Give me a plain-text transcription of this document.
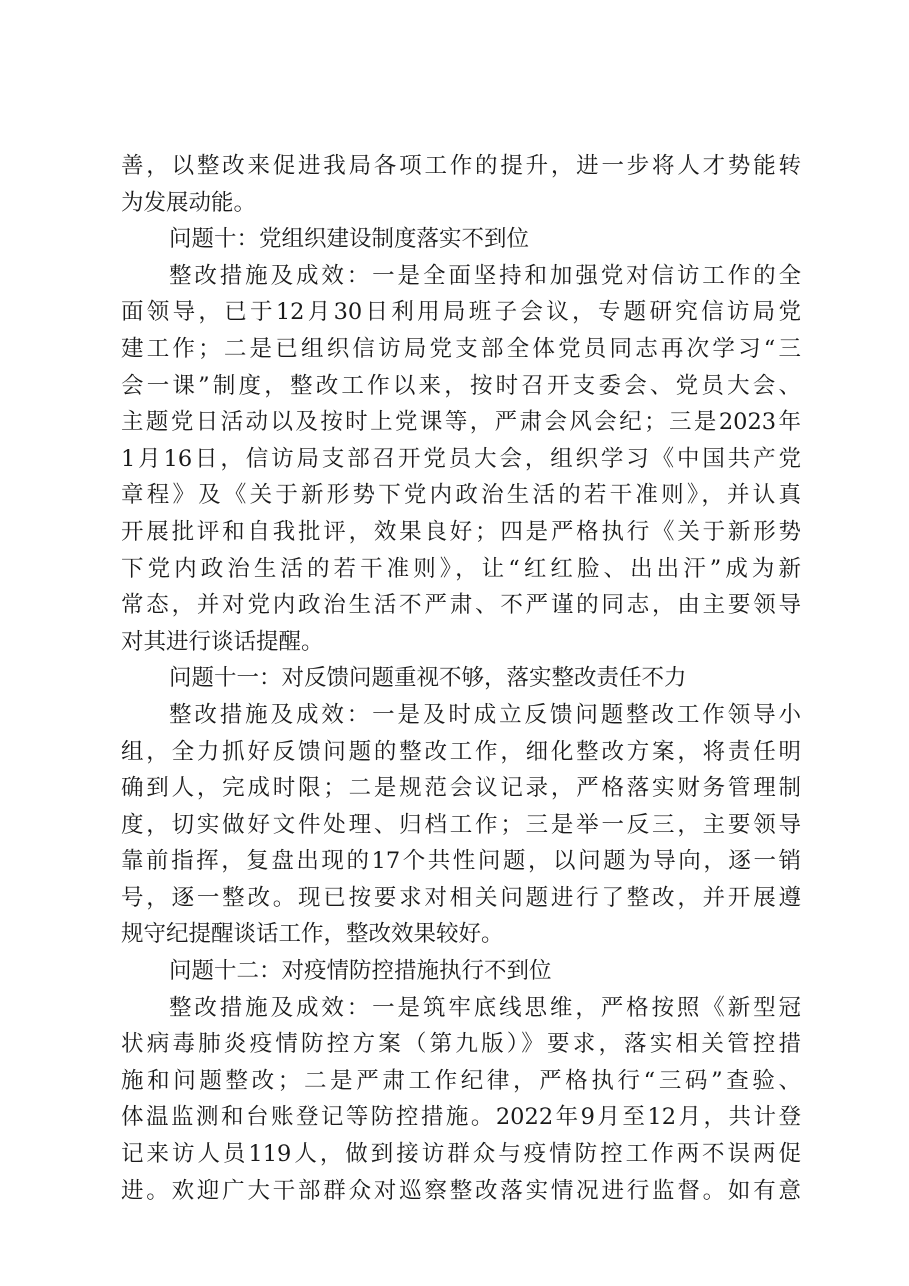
善，以整改来促进我局各项工作的提升，进一步将人才势能转
为发展动能。
问题十：党组织建设制度落实不到位
整改措施及成效：一是全面坚持和加强党对信访工作的全
面领导，已于12月30日利用局班子会议，专题研究信访局党
建工作；二是已组织信访局党支部全体党员同志再次学习“三
会一课”制度，整改工作以来，按时召开支委会、党员大会、
主题党日活动以及按时上党课等，严肃会风会纪；三是2023年
1月16日，信访局支部召开党员大会，组织学习《中国共产党
章程》及《关于新形势下党内政治生活的若干准则》，并认真
开展批评和自我批评，效果良好；四是严格执行《关于新形势
下党内政治生活的若干准则》，让“红红脸、出出汗”成为新
常态，并对党内政治生活不严肃、不严谨的同志，由主要领导
对其进行谈话提醒。
问题十一：对反馈问题重视不够，落实整改责任不力
整改措施及成效：一是及时成立反馈问题整改工作领导小
组，全力抓好反馈问题的整改工作，细化整改方案，将责任明
确到人，完成时限；二是规范会议记录，严格落实财务管理制
度，切实做好文件处理、归档工作；三是举一反三，主要领导
靠前指挥，复盘出现的17个共性问题，以问题为导向，逐一销
号，逐一整改。现已按要求对相关问题进行了整改，并开展遵
规守纪提醒谈话工作，整改效果较好。
问题十二：对疫情防控措施执行不到位
整改措施及成效：一是筑牢底线思维，严格按照《新型冠
状病毒肺炎疫情防控方案（第九版）》要求，落实相关管控措
施和问题整改；二是严肃工作纪律，严格执行“三码”查验、
体温监测和台账登记等防控措施。2022年9月至12月，共计登
记来访人员119人，做到接访群众与疫情防控工作两不误两促
进。欢迎广大干部群众对巡察整改落实情况进行监督。如有意
